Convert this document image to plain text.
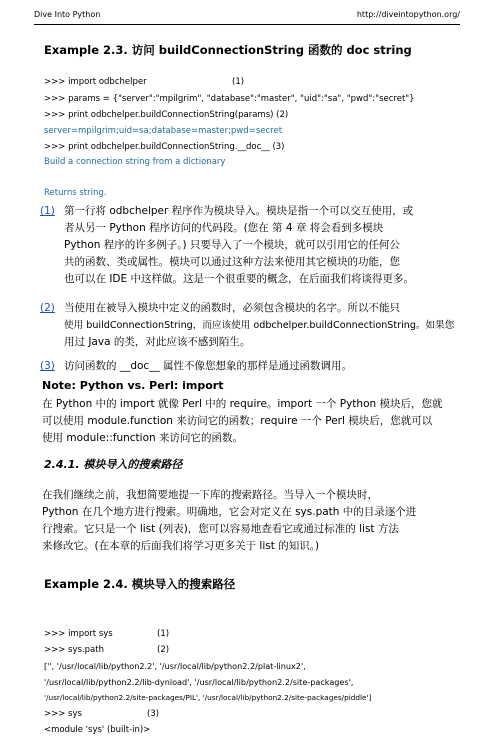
Dive Into Python	http://diveintopython.org/
Example 2.3. 访问 buildConnectionString 函数的 doc string
>>> import odbchelper	(1)
>>> params = {"server":"mpilgrim", "database":"master", "uid":"sa", "pwd":"secret"}
>>> print odbchelper.buildConnectionString(params) (2)
server=mpilgrim;uid=sa;database=master;pwd=secret
>>> print odbchelper.buildConnectionString.__doc__ (3)
Build a connection string from a dictionary
Returns string.
(1) 第一行将 odbchelper 程序作为模块导入。模块是指一个可以交互使用，或
者从另一 Python 程序访问的代码段。(您在 第 4 章 将会看到多模块
Python 程序的许多例子。) 只要导入了一个模块，就可以引用它的任何公
共的函数、类或属性。模块可以通过这种方法来使用其它模块的功能，您
也可以在 IDE 中这样做。这是一个很重要的概念，在后面我们将谈得更多。
(2) 当使用在被导入模块中定义的函数时，必须包含模块的名字。所以不能只
使用 buildConnectionString，而应该使用 odbchelper.buildConnectionString。如果您
用过 Java 的类，对此应该不感到陌生。
(3) 访问函数的 __doc__ 属性不像您想象的那样是通过函数调用。
Note: Python vs. Perl: import
在 Python 中的 import 就像 Perl 中的 require。import 一个 Python 模块后，您就
可以使用 module.function 来访问它的函数；require 一个 Perl 模块后，您就可以
使用 module::function 来访问它的函数。
2.4.1. 模块导入的搜索路径
在我们继续之前，我想简要地提一下库的搜索路径。当导入一个模块时，
Python 在几个地方进行搜索。明确地，它会对定义在 sys.path 中的目录逐个进
行搜索。它只是一个 list (列表)，您可以容易地查看它或通过标准的 list 方法
来修改它。(在本章的后面我们将学习更多关于 list 的知识。)
Example 2.4. 模块导入的搜索路径
>>> import sys	(1)
>>> sys.path	(2)
['', '/usr/local/lib/python2.2', '/usr/local/lib/python2.2/plat-linux2',
'/usr/local/lib/python2.2/lib-dynload', '/usr/local/lib/python2.2/site-packages',
'/usr/local/lib/python2.2/site-packages/PIL', '/usr/local/lib/python2.2/site-packages/piddle']
>>> sys	(3)
<module 'sys' (built-in)>
